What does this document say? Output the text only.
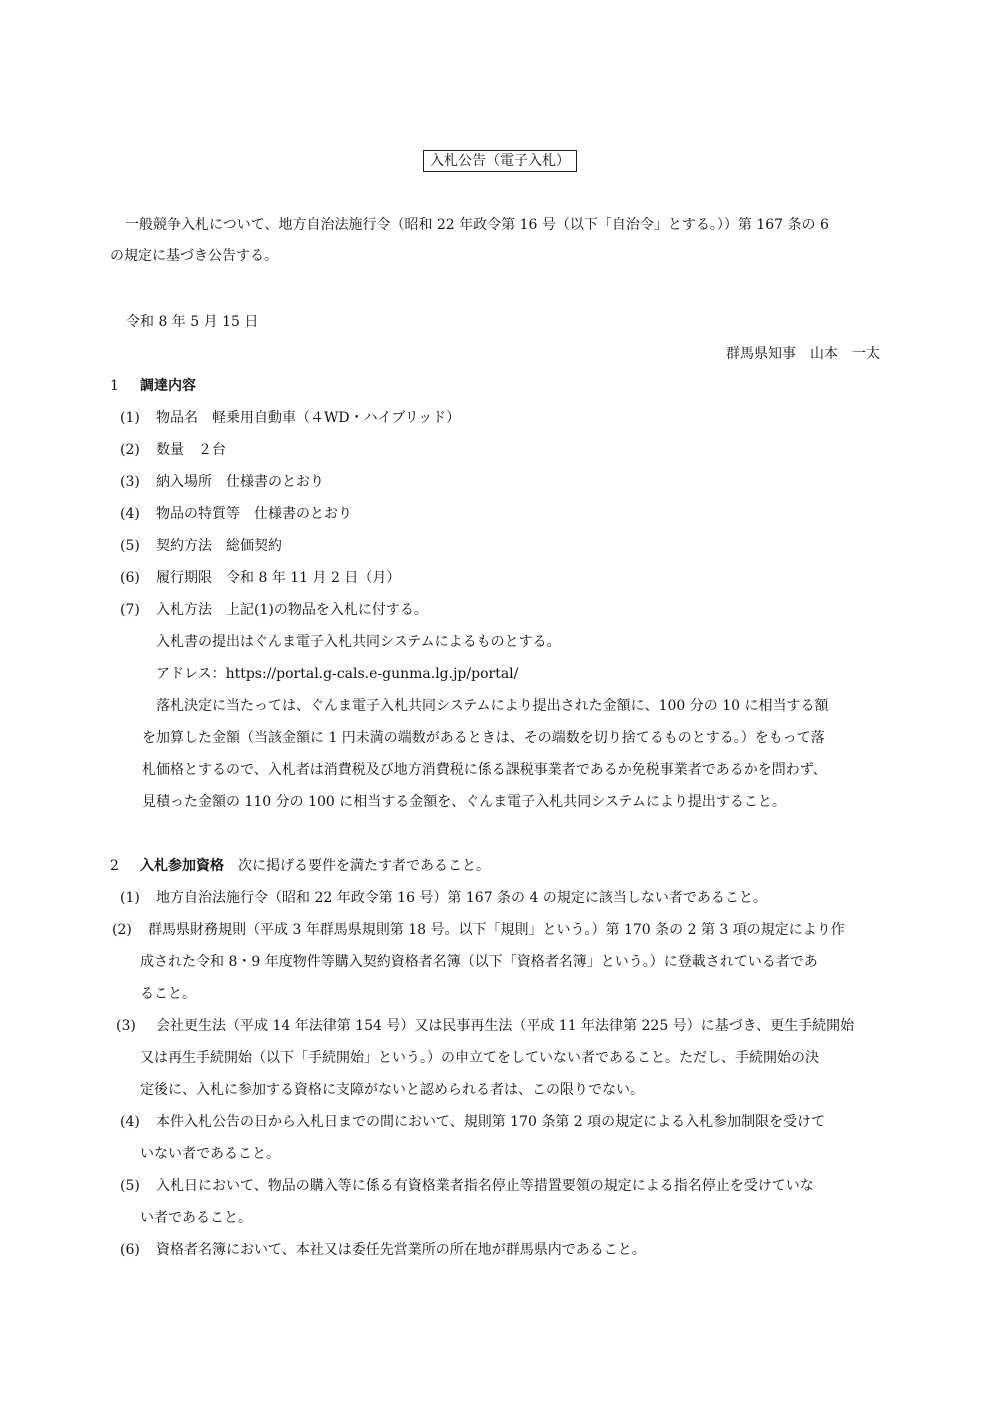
入札公告（電子入札）
一般競争入札について、地方自治法施行令（昭和 22 年政令第 16 号（以下「自治令」とする。））第 167 条の 6
の規定に基づき公告する。
令和 8 年 5 月 15 日
群馬県知事　山本　一太
1 調達内容
(1) 物品名　軽乗用自動車（４WD・ハイブリッド）
(2) 数量　２台
(3) 納入場所　仕様書のとおり
(4) 物品の特質等　仕様書のとおり
(5) 契約方法　総価契約
(6) 履行期限　令和 8 年 11 月 2 日（月）
(7) 入札方法　上記(1)の物品を入札に付する。
入札書の提出はぐんま電子入札共同システムによるものとする。
アドレス：https://portal.g-cals.e-gunma.lg.jp/portal/
落札決定に当たっては、ぐんま電子入札共同システムにより提出された金額に、100 分の 10 に相当する額
を加算した金額（当該金額に 1 円未満の端数があるときは、その端数を切り捨てるものとする。）をもって落
札価格とするので、入札者は消費税及び地方消費税に係る課税事業者であるか免税事業者であるかを問わず、
見積った金額の 110 分の 100 に相当する金額を、ぐんま電子入札共同システムにより提出すること。
2 入札参加資格 次に掲げる要件を満たす者であること。
(1) 地方自治法施行令（昭和 22 年政令第 16 号）第 167 条の 4 の規定に該当しない者であること。
(2) 群馬県財務規則（平成 3 年群馬県規則第 18 号。以下「規則」という。）第 170 条の 2 第 3 項の規定により作
成された令和 8・9 年度物件等購入契約資格者名簿（以下「資格者名簿」という。）に登載されている者であ
ること。
(3) 会社更生法（平成 14 年法律第 154 号）又は民事再生法（平成 11 年法律第 225 号）に基づき、更生手続開始
又は再生手続開始（以下「手続開始」という。）の申立てをしていない者であること。ただし、手続開始の決
定後に、入札に参加する資格に支障がないと認められる者は、この限りでない。
(4) 本件入札公告の日から入札日までの間において、規則第 170 条第 2 項の規定による入札参加制限を受けて
いない者であること。
(5) 入札日において、物品の購入等に係る有資格業者指名停止等措置要領の規定による指名停止を受けていな
い者であること。
(6) 資格者名簿において、本社又は委任先営業所の所在地が群馬県内であること。
